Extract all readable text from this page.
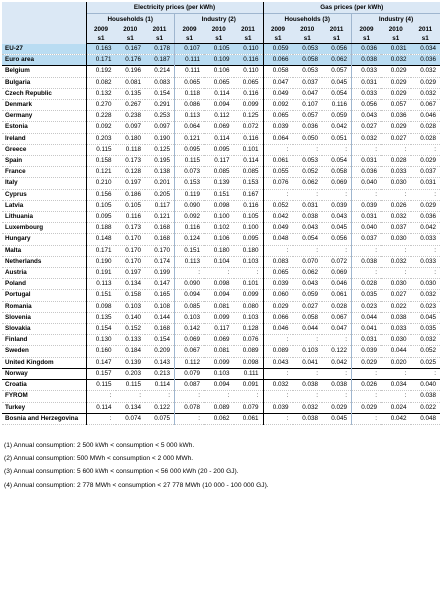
	Electricity prices (per kWh)						Gas prices (per kWh)					
	Households (1)			Industry (2)			Households (3)			Industry (4)		
	2009	2010	2011	2009	2010	2011	2009	2010	2011	2009	2010	2011
	s1	s1	s1	s1	s1	s1	s1	s1	s1	s1	s1	s1
EU-27	0.163	0.167	0.178	0.107	0.105	0.110	0.059	0.053	0.056	0.036	0.031	0.034
Euro area	0.171	0.176	0.187	0.111	0.109	0.116	0.066	0.058	0.062	0.038	0.032	0.036
Belgium	0.192	0.196	0.214	0.111	0.106	0.110	0.058	0.053	0.057	0.033	0.029	0.032
Bulgaria	0.082	0.081	0.083	0.065	0.065	0.065	0.047	0.037	0.045	0.031	0.029	0.029
Czech Republic	0.132	0.135	0.154	0.118	0.114	0.116	0.049	0.047	0.054	0.033	0.029	0.032
Denmark	0.270	0.267	0.291	0.086	0.094	0.099	0.092	0.107	0.116	0.056	0.057	0.067
Germany	0.228	0.238	0.253	0.113	0.112	0.125	0.065	0.057	0.059	0.043	0.036	0.046
Estonia	0.092	0.097	0.097	0.064	0.069	0.072	0.039	0.036	0.042	0.027	0.029	0.028
Ireland	0.203	0.180	0.190	0.121	0.114	0.116	0.064	0.050	0.051	0.032	0.027	0.028
Greece	0.115	0.118	0.125	0.095	0.095	0.101	:	:	:	:	:	:
Spain	0.158	0.173	0.195	0.115	0.117	0.114	0.061	0.053	0.054	0.031	0.028	0.029
France	0.121	0.128	0.138	0.073	0.085	0.085	0.055	0.052	0.058	0.036	0.033	0.037
Italy	0.210	0.197	0.201	0.153	0.139	0.153	0.076	0.062	0.069	0.040	0.030	0.031
Cyprus	0.156	0.186	0.205	0.119	0.151	0.167	:	:	:	:	:	:
Latvia	0.105	0.105	0.117	0.090	0.098	0.116	0.052	0.031	0.039	0.039	0.026	0.029
Lithuania	0.095	0.116	0.121	0.092	0.100	0.105	0.042	0.038	0.043	0.031	0.032	0.036
Luxembourg	0.188	0.173	0.168	0.116	0.102	0.100	0.049	0.043	0.045	0.040	0.037	0.042
Hungary	0.148	0.170	0.168	0.124	0.106	0.095	0.048	0.054	0.056	0.037	0.030	0.033
Malta	0.171	0.170	0.170	0.151	0.180	0.180	:	:	:	:	:	:
Netherlands	0.190	0.170	0.174	0.113	0.104	0.103	0.083	0.070	0.072	0.038	0.032	0.033
Austria	0.191	0.197	0.199	:	:	:	0.065	0.062	0.069	:	:	:
Poland	0.113	0.134	0.147	0.090	0.098	0.101	0.039	0.043	0.046	0.028	0.030	0.030
Portugal	0.151	0.158	0.165	0.094	0.094	0.099	0.060	0.059	0.061	0.035	0.027	0.032
Romania	0.098	0.103	0.108	0.085	0.081	0.080	0.029	0.027	0.028	0.023	0.022	0.023
Slovenia	0.135	0.140	0.144	0.103	0.099	0.103	0.066	0.058	0.067	0.044	0.038	0.045
Slovakia	0.154	0.152	0.168	0.142	0.117	0.128	0.046	0.044	0.047	0.041	0.033	0.035
Finland	0.130	0.133	0.154	0.069	0.069	0.076	:	:	:	0.031	0.030	0.032
Sweden	0.160	0.184	0.209	0.067	0.081	0.089	0.089	0.103	0.122	0.039	0.044	0.052
United Kingdom	0.147	0.139	0.143	0.112	0.099	0.098	0.043	0.041	0.042	0.029	0.020	0.025
Norway	0.157	0.203	0.213	0.079	0.103	0.111	:	:	:	:	:	:
Croatia	0.115	0.115	0.114	0.087	0.094	0.091	0.032	0.038	0.038	0.026	0.034	0.040
FYROM	:	:	:	:	:	:	:	:	:	:	:	0.038
Turkey	0.114	0.134	0.122	0.078	0.089	0.079	0.039	0.032	0.029	0.029	0.024	0.022
Bosnia and Herzegovina	:	0.074	0.075	:	0.062	0.061	:	0.038	0.045	:	0.042	0.048
(1) Annual consumption: 2 500 kWh < consumption < 5 000 kWh.
(2) Annual consumption: 500 MWh < consumption < 2 000 MWh.
(3) Annual consumption: 5 600 kWh < consumption < 56 000 kWh (20 - 200 GJ).
(4) Annual consumption: 2 778 MWh < consumption < 27 778 MWh (10 000 - 100 000 GJ).
